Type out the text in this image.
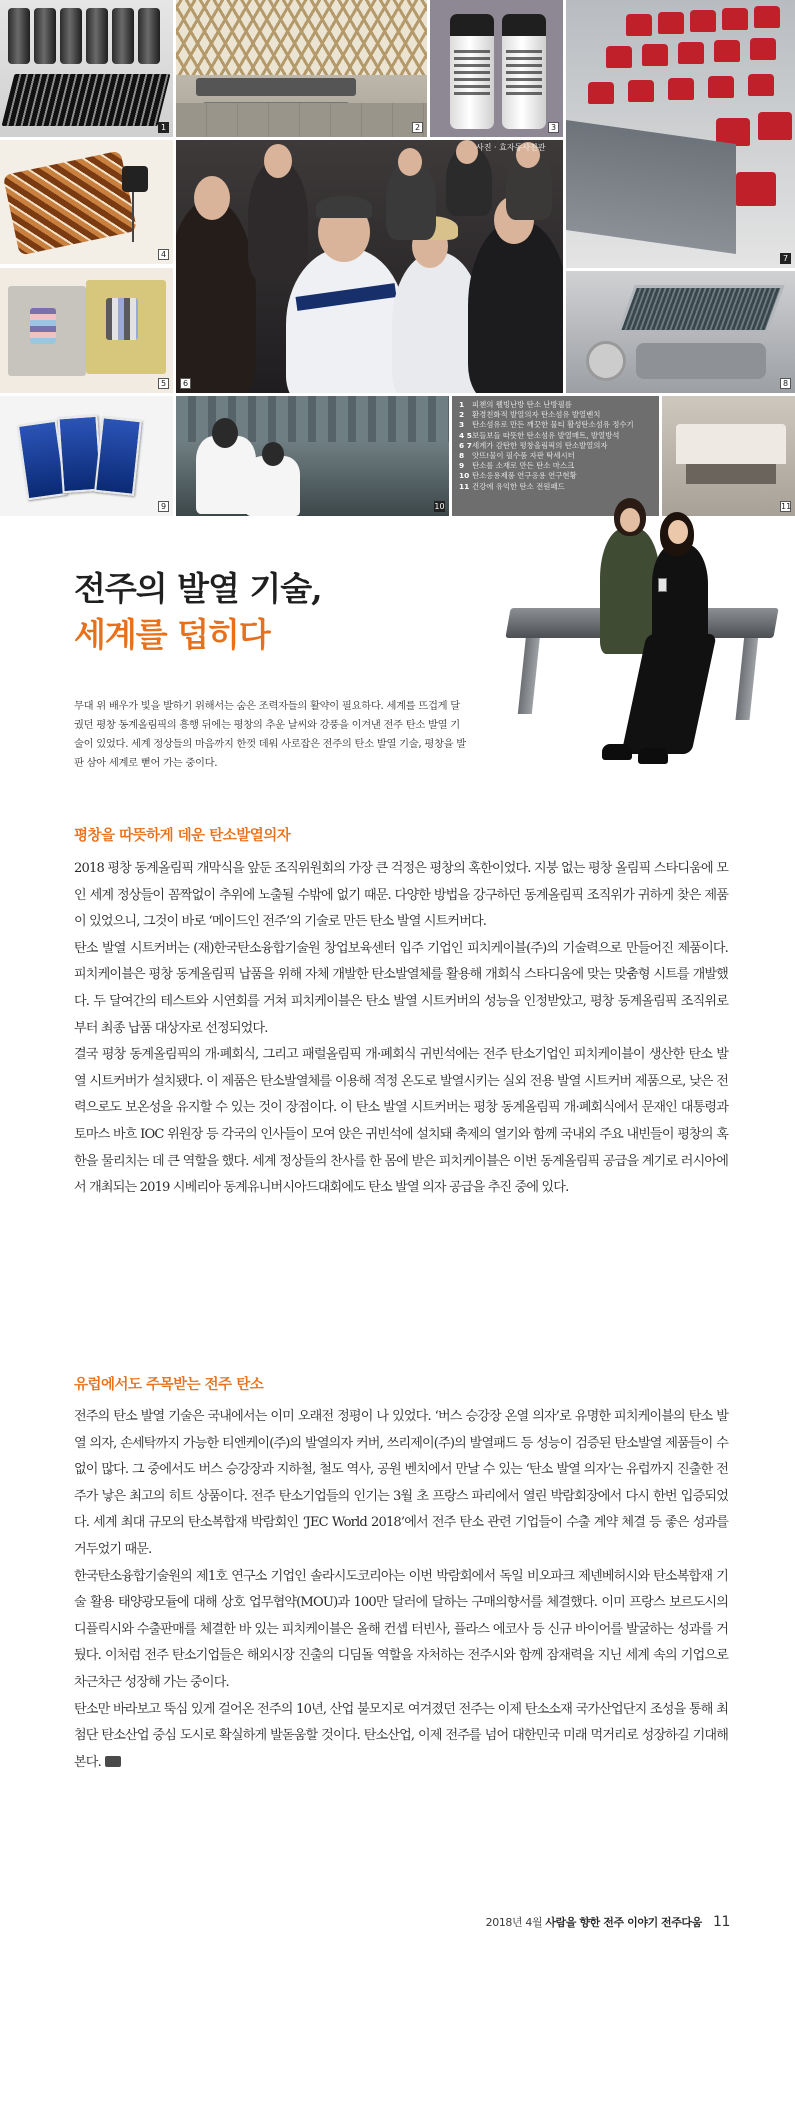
1	2	3
7
4
사진 · 효자동사진관
6
5	8
9	10
1	피첸의 웰빙난방 탄소 난방필름
2	환경친화적 발열의자 탄소섬유 발열벤치
3	탄소섬유로 만든 깨끗한 물티 활성탄소섬유 정수기
4 5 보들보들 따뜻한 탄소섬유 발열매트, 발열방석
6 7 세계가 감탄한 평창올림픽의 탄소발열의자
8	앗뜨!물이 필수품 자판 탁세시터
9	탄소를 소재로 만든 탄소 마스크
10 탄소응용제품 연구응용 연구현황
11 건강에 유익한 탄소 전원패드
11
전주의 발열 기술,
세계를 덥히다

무대 위 배우가 빛을 발하기 위해서는 숨은 조력자들의 활약이 필요하다. 세계를 뜨겁게 달궜던 평창 동계올림픽의 흥행 뒤에는 평창의 추운 날씨와 강풍을 이겨낸 전주 탄소 발열 기술이 있었다. 세계 정상들의 마음까지 한껏 데워 사로잡은 전주의 탄소 발열 기술, 평창을 발판 삼아 세계로 뻗어 가는 중이다.

평창을 따뜻하게 데운 탄소발열의자

2018 평창 동계올림픽 개막식을 앞둔 조직위원회의 가장 큰 걱정은 평창의 혹한이었다. 지붕 없는 평창 올림픽 스타디움에 모인 세계 정상들이 꼼짝없이 추위에 노출될 수밖에 없기 때문. 다양한 방법을 강구하던 동계올림픽 조직위가 귀하게 찾은 제품이 있었으니, 그것이 바로 ‘메이드인 전주’의 기술로 만든 탄소 발열 시트커버다.

탄소 발열 시트커버는 (재)한국탄소융합기술원 창업보육센터 입주 기업인 피치케이블(주)의 기술력으로 만들어진 제품이다. 피치케이블은 평창 동계올림픽 납품을 위해 자체 개발한 탄소발열체를 활용해 개회식 스타디움에 맞는 맞춤형 시트를 개발했다. 두 달여간의 테스트와 시연회를 거쳐 피치케이블은 탄소 발열 시트커버의 성능을 인정받았고, 평창 동계올림픽 조직위로부터 최종 납품 대상자로 선정되었다.

결국 평창 동계올림픽의 개·폐회식, 그리고 패럴올림픽 개·폐회식 귀빈석에는 전주 탄소기업인 피치케이블이 생산한 탄소 발열 시트커버가 설치됐다. 이 제품은 탄소발열체를 이용해 적정 온도로 발열시키는 실외 전용 발열 시트커버 제품으로, 낮은 전력으로도 보온성을 유지할 수 있는 것이 장점이다. 이 탄소 발열 시트커버는 평창 동계올림픽 개·폐회식에서 문재인 대통령과 토마스 바흐 IOC 위원장 등 각국의 인사들이 모여 앉은 귀빈석에 설치돼 축제의 열기와 함께 국내외 주요 내빈들이 평창의 혹한을 물리치는 데 큰 역할을 했다. 세계 정상들의 찬사를 한 몸에 받은 피치케이블은 이번 동계올림픽 공급을 계기로 러시아에서 개최되는 2019 시베리아 동계유니버시아드대회에도 탄소 발열 의자 공급을 추진 중에 있다.

유럽에서도 주목받는 전주 탄소

전주의 탄소 발열 기술은 국내에서는 이미 오래전 정평이 나 있었다. ‘버스 승강장 온열 의자’로 유명한 피치케이블의 탄소 발열 의자, 손세탁까지 가능한 티엔케이(주)의 발열의자 커버, 쓰리제이(주)의 발열패드 등 성능이 검증된 탄소발열 제품들이 수없이 많다. 그 중에서도 버스 승강장과 지하철, 철도 역사, 공원 벤치에서 만날 수 있는 ‘탄소 발열 의자’는 유럽까지 진출한 전주가 낳은 최고의 히트 상품이다. 전주 탄소기업들의 인기는 3월 초 프랑스 파리에서 열린 박람회장에서 다시 한번 입증되었다. 세계 최대 규모의 탄소복합재 박람회인 ‘JEC World 2018’에서 전주 탄소 관련 기업들이 수출 계약 체결 등 좋은 성과를 거두었기 때문.

한국탄소융합기술원의 제1호 연구소 기업인 솔라시도코리아는 이번 박람회에서 독일 비오파크 제넨베허시와 탄소복합재 기술 활용 태양광모듈에 대해 상호 업무협약(MOU)과 100만 달러에 달하는 구매의향서를 체결했다. 이미 프랑스 보르도시의 디플릭시와 수출판매를 체결한 바 있는 피치케이블은 올해 컨셉 터빈사, 플라스 에코사 등 신규 바이어를 발굴하는 성과를 거뒀다. 이처럼 전주 탄소기업들은 해외시장 진출의 디딤돌 역할을 자처하는 전주시와 함께 잠재력을 지닌 세계 속의 기업으로 차근차근 성장해 가는 중이다.

탄소만 바라보고 뚝심 있게 걸어온 전주의 10년, 산업 불모지로 여겨졌던 전주는 이제 탄소소재 국가산업단지 조성을 통해 최첨단 탄소산업 중심 도시로 확실하게 발돋움할 것이다. 탄소산업, 이제 전주를 넘어 대한민국 미래 먹거리로 성장하길 기대해 본다.

2018년 4월 사람을 향한 전주 이야기 전주다움 11
